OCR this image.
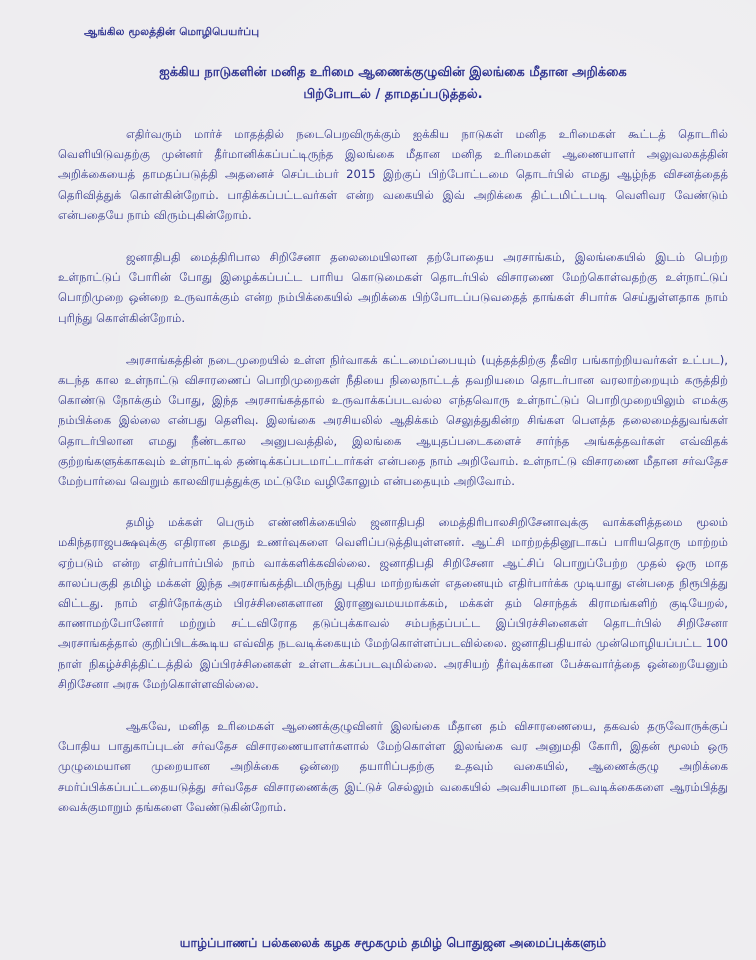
ஆங்கில மூலத்தின் மொழிபெயர்ப்பு
ஐக்கிய நாடுகளின் மனித உரிமை ஆணைக்குழுவின் இலங்கை மீதான அறிக்கை
பிற்போடல் / தாமதப்படுத்தல்.

எதிர்வரும் மார்ச் மாதத்தில் நடைபெறவிருக்கும் ஐக்கிய நாடுகள் மனித உரிமைகள் கூட்டத் தொடரில் வெளியிடுவதற்கு முன்னர் தீர்மானிக்கப்பட்டிருந்த இலங்கை மீதான மனித உரிமைகள் ஆணையாளர் அலுவலகத்தின் அறிக்கையைத் தாமதப்படுத்தி அதனைச் செப்டம்பர் 2015 இற்குப் பிற்போட்டமை தொடர்பில் எமது ஆழ்ந்த விசனத்தைத் தெரிவித்துக் கொள்கின்றோம். பாதிக்கப்பட்டவர்கள் என்ற வகையில் இவ் அறிக்கை திட்டமிட்டபடி வெளிவர வேண்டும் என்பதையே நாம் விரும்புகின்றோம்.

ஜனாதிபதி மைத்திரிபால சிறிசேனா தலைமையிலான தற்போதைய அரசாங்கம், இலங்கையில் இடம் பெற்ற உள்நாட்டுப் போரின் போது இழைக்கப்பட்ட பாரிய கொடுமைகள் தொடர்பில் விசாரணை மேற்கொள்வதற்கு உள்நாட்டுப் பொறிமுறை ஒன்றை உருவாக்கும் என்ற நம்பிக்கையில் அறிக்கை பிற்போடப்படுவதைத் தாங்கள் சிபார்சு செய்துள்ளதாக நாம் புரிந்து கொள்கின்றோம்.

அரசாங்கத்தின் நடைமுறையில் உள்ள நிர்வாகக் கட்டமைப்பையும் (யுத்தத்திற்கு தீவிர பங்காற்றியவர்கள் உட்பட), கடந்த கால உள்நாட்டு விசாரணைப் பொறிமுறைகள் நீதியை நிலைநாட்டத் தவறியமை தொடர்பான வரலாற்றையும் கருத்திற் கொண்டு நோக்கும் போது, இந்த அரசாங்கத்தால் உருவாக்கப்படவல்ல எந்தவொரு உள்நாட்டுப் பொறிமுறையிலும் எமக்கு நம்பிக்கை இல்லை என்பது தெளிவு. இலங்கை அரசியலில் ஆதிக்கம் செலுத்துகின்ற சிங்கள பௌத்த தலைமைத்துவங்கள் தொடர்பிலான எமது நீண்டகால அனுபவத்தில், இலங்கை ஆயுதப்படைகளைச் சார்ந்த அங்கத்தவர்கள் எவ்விதக் குற்றங்களுக்காகவும் உள்நாட்டில் தண்டிக்கப்படமாட்டார்கள் என்பதை நாம் அறிவோம். உள்நாட்டு விசாரணை மீதான சர்வதேச மேற்பார்வை வெறும் காலவிரயத்துக்கு மட்டுமே வழிகோலும் என்பதையும் அறிவோம்.

தமிழ் மக்கள் பெரும் எண்ணிக்கையில் ஜனாதிபதி மைத்திரிபாலசிறிசேனாவுக்கு வாக்களித்தமை மூலம் மகிந்தராஜபக்ஷவுக்கு எதிரான தமது உணர்வுகளை வெளிப்படுத்தியுள்ளனர். ஆட்சி மாற்றத்தினூடாகப் பாரியதொரு மாற்றம் ஏற்படும் என்ற எதிர்பார்ப்பில் நாம் வாக்களிக்கவில்லை. ஜனாதிபதி சிறிசேனா ஆட்சிப் பொறுப்பேற்ற முதல் ஒரு மாத காலப்பகுதி தமிழ் மக்கள் இந்த அரசாங்கத்திடமிருந்து புதிய மாற்றங்கள் எதனையும் எதிர்பார்க்க முடியாது என்பதை நிரூபித்து விட்டது. நாம் எதிர்நோக்கும் பிரச்சினைகளான இராணுவமயமாக்கம், மக்கள் தம் சொந்தக் கிராமங்களிற் குடியேறல், காணாமற்போனோர் மற்றும் சட்டவிரோத தடுப்புக்காவல் சம்பந்தப்பட்ட இப்பிரச்சினைகள் தொடர்பில் சிறிசேனா அரசாங்கத்தால் குறிப்பிடக்கூடிய எவ்வித நடவடிக்கையும் மேற்கொள்ளப்படவில்லை. ஜனாதிபதியால் முன்மொழியப்பட்ட 100 நாள் நிகழ்ச்சித்திட்டத்தில் இப்பிரச்சினைகள் உள்ளடக்கப்படவுமில்லை. அரசியற் தீர்வுக்கான பேச்சுவார்த்தை ஒன்றையேனும் சிறிசேனா அரசு மேற்கொள்ளவில்லை.

ஆகவே, மனித உரிமைகள் ஆணைக்குழுவினர் இலங்கை மீதான தம் விசாரணையை, தகவல் தருவோருக்குப் போதிய பாதுகாப்புடன் சர்வதேச விசாரணையாளர்களால் மேற்கொள்ள இலங்கை வர அனுமதி கோரி, இதன் மூலம் ஒரு முழுமையான முறையான அறிக்கை ஒன்றை தயாரிப்பதற்கு உதவும் வகையில், ஆணைக்குழு அறிக்கை சமர்ப்பிக்கப்பட்டதையடுத்து சர்வதேச விசாரணைக்கு இட்டுச் செல்லும் வகையில் அவசியமான நடவடிக்கைகளை ஆரம்பித்து வைக்குமாறும் தங்களை வேண்டுகின்றோம்.

யாழ்ப்பாணப் பல்கலைக் கழக சமூகமும் தமிழ் பொதுஜன அமைப்புக்களும்
